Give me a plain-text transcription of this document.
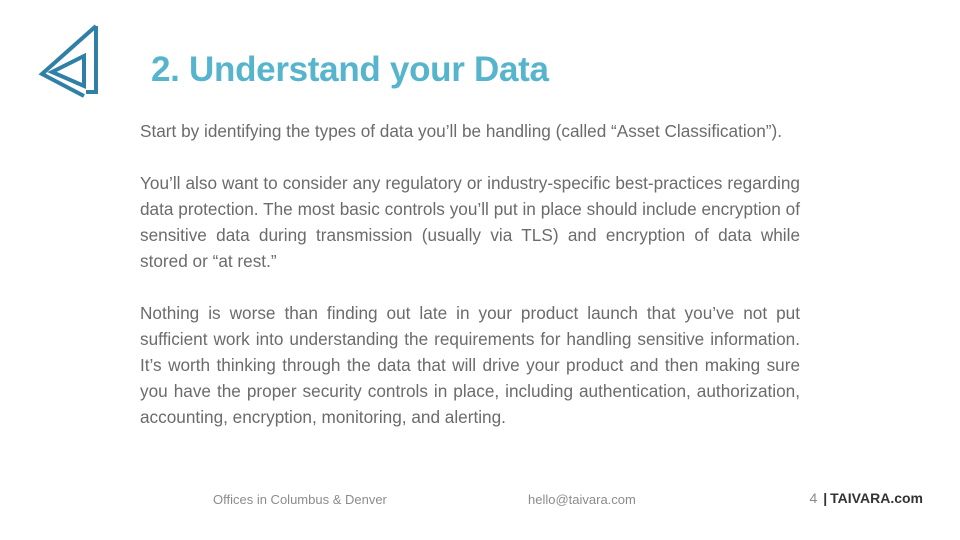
2. Understand your Data

Start by identifying the types of data you’ll be handling (called “Asset Classification”).

You’ll also want to consider any regulatory or industry-specific best-practices regarding data protection. The most basic controls you’ll put in place should include encryption of sensitive data during transmission (usually via TLS) and encryption of data while stored or “at rest.”

Nothing is worse than finding out late in your product launch that you’ve not put sufficient work into understanding the requirements for handling sensitive information. It’s worth thinking through the data that will drive your product and then making sure you have the proper security controls in place, including authentication, authorization, accounting, encryption, monitoring, and alerting.

Offices in Columbus & Denver	hello@taivara.com	4 | TAIVARA.com
